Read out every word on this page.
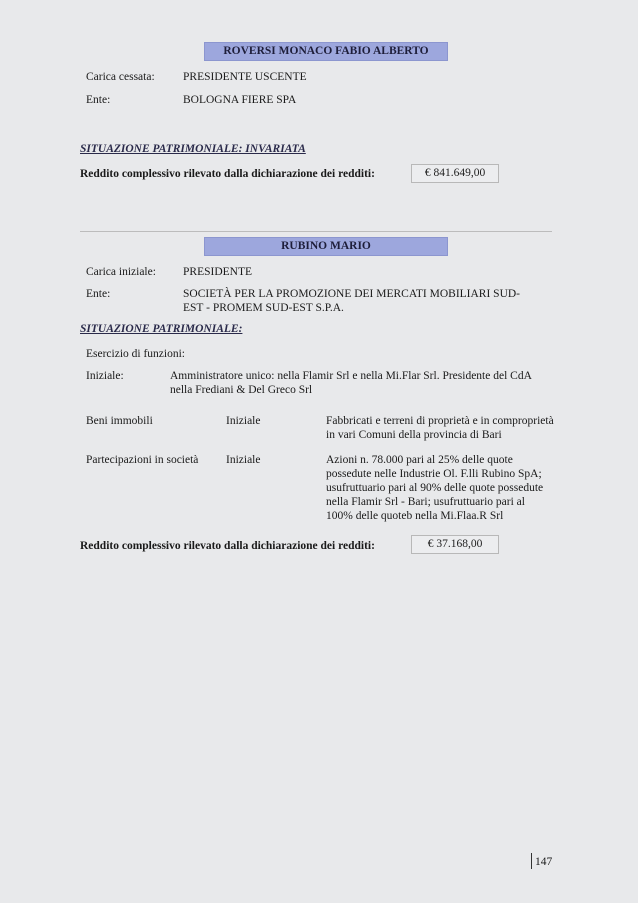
ROVERSI MONACO FABIO ALBERTO
Carica cessata: PRESIDENTE USCENTE
Ente:	BOLOGNA FIERE SPA
SITUAZIONE PATRIMONIALE: INVARIATA
Reddito complessivo rilevato dalla dichiarazione dei redditi:	€ 841.649,00
RUBINO MARIO
Carica iniziale: PRESIDENTE
Ente:	SOCIETÀ PER LA PROMOZIONE DEI MERCATI MOBILIARI SUD-
EST - PROMEM SUD-EST S.P.A.
SITUAZIONE PATRIMONIALE:
Esercizio di funzioni:
Iniziale:	Amministratore unico: nella Flamir Srl e nella Mi.Flar Srl. Presidente del CdA
nella Frediani & Del Greco Srl
Beni immobili	Iniziale	Fabbricati e terreni di proprietà e in comproprietà
in vari Comuni della provincia di Bari
Partecipazioni in società Iniziale	Azioni n. 78.000 pari al 25% delle quote
possedute nelle Industrie Ol. F.lli Rubino SpA;
usufruttuario pari al 90% delle quote possedute
nella Flamir Srl - Bari; usufruttuario pari al
100% delle quoteb nella Mi.Flaa.R Srl
Reddito complessivo rilevato dalla dichiarazione dei redditi:	€ 37.168,00
147
